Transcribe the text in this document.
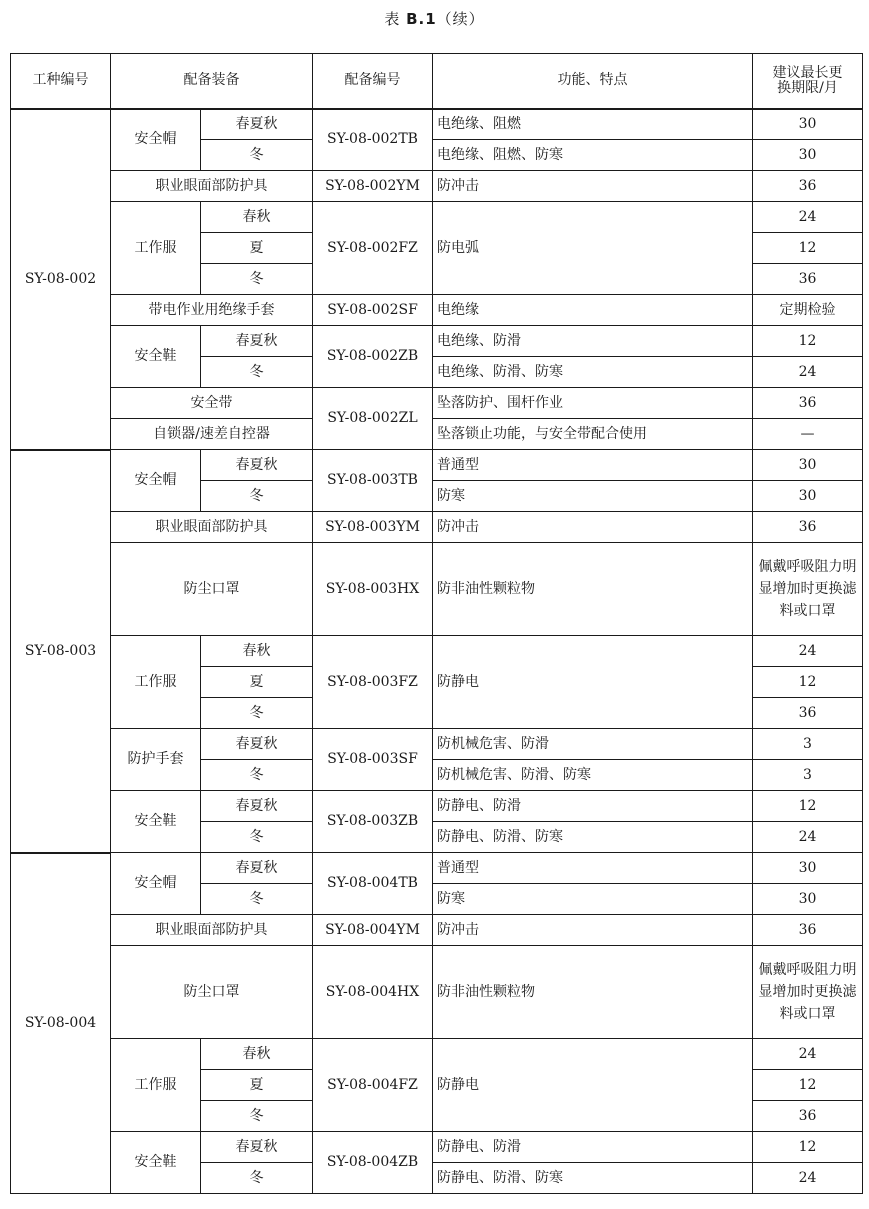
表 B.1（续）
工种编号	配备装备		配备编号	功能、特点	建议最长更
换期限/月
SY-08-002	安全帽	春夏秋	SY-08-002TB	电绝缘、阻燃	30
		冬		电绝缘、阻燃、防寒	30
	职业眼面部防护具		SY-08-002YM	防冲击	36
	工作服	春秋	SY-08-002FZ	防电弧	24
		夏			12
		冬			36
	带电作业用绝缘手套		SY-08-002SF	电绝缘	定期检验
	安全鞋	春夏秋	SY-08-002ZB	电绝缘、防滑	12
		冬		电绝缘、防滑、防寒	24
	安全带		SY-08-002ZL	坠落防护、围杆作业	36
	自锁器/速差自控器			坠落锁止功能，与安全带配合使用	—
SY-08-003	安全帽	春夏秋	SY-08-003TB	普通型	30
		冬		防寒	30
	职业眼面部防护具		SY-08-003YM	防冲击	36
	防尘口罩		SY-08-003HX	防非油性颗粒物	佩戴呼吸阻力明显增加时更换滤料或口罩
	工作服	春秋	SY-08-003FZ	防静电	24
		夏			12
		冬			36
	防护手套	春夏秋	SY-08-003SF	防机械危害、防滑	3
		冬		防机械危害、防滑、防寒	3
	安全鞋	春夏秋	SY-08-003ZB	防静电、防滑	12
		冬		防静电、防滑、防寒	24
SY-08-004	安全帽	春夏秋	SY-08-004TB	普通型	30
		冬		防寒	30
	职业眼面部防护具		SY-08-004YM	防冲击	36
	防尘口罩		SY-08-004HX	防非油性颗粒物	佩戴呼吸阻力明显增加时更换滤料或口罩
	工作服	春秋	SY-08-004FZ	防静电	24
		夏			12
		冬			36
	安全鞋	春夏秋	SY-08-004ZB	防静电、防滑	12
		冬		防静电、防滑、防寒	24
